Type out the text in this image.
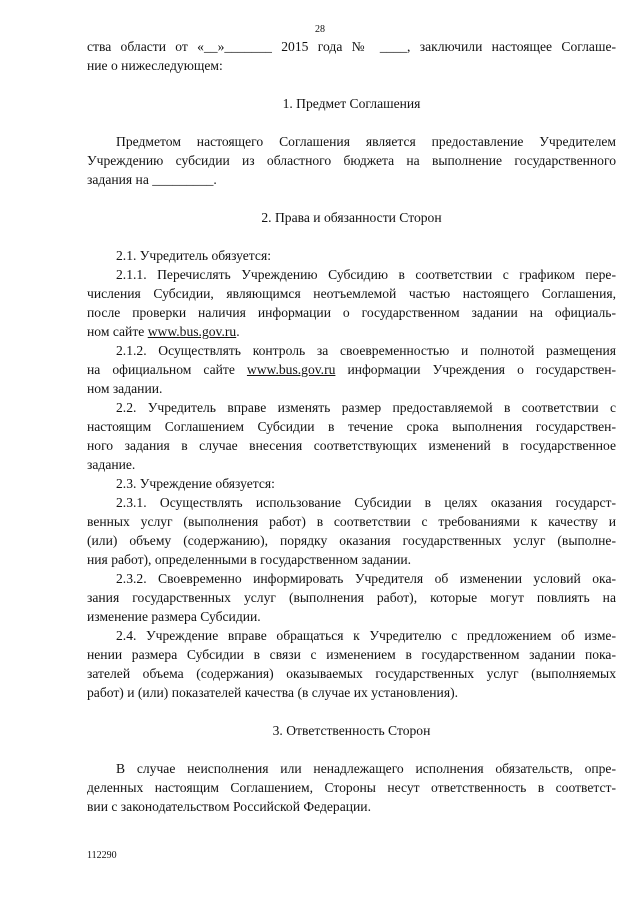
28
ства области от «__»_______ 2015 года № ____, заключили настоящее Соглаше-
ние о нижеследующем:
1. Предмет Соглашения
Предметом настоящего Соглашения является предоставление Учредителем
Учреждению субсидии из областного бюджета на выполнение государственного
задания на _________.
2. Права и обязанности Сторон
2.1. Учредитель обязуется:
2.1.1. Перечислять Учреждению Субсидию в соответствии с графиком пере-
числения Субсидии, являющимся неотъемлемой частью настоящего Соглашения,
после проверки наличия информации о государственном задании на официаль-
ном сайте www.bus.gov.ru.
2.1.2. Осуществлять контроль за своевременностью и полнотой размещения
на официальном сайте www.bus.gov.ru информации Учреждения о государствен-
ном задании.
2.2. Учредитель вправе изменять размер предоставляемой в соответствии с
настоящим Соглашением Субсидии в течение срока выполнения государствен-
ного задания в случае внесения соответствующих изменений в государственное
задание.
2.3. Учреждение обязуется:
2.3.1. Осуществлять использование Субсидии в целях оказания государст-
венных услуг (выполнения работ) в соответствии с требованиями к качеству и
(или) объему (содержанию), порядку оказания государственных услуг (выполне-
ния работ), определенными в государственном задании.
2.3.2. Своевременно информировать Учредителя об изменении условий ока-
зания государственных услуг (выполнения работ), которые могут повлиять на
изменение размера Субсидии.
2.4. Учреждение вправе обращаться к Учредителю с предложением об изме-
нении размера Субсидии в связи с изменением в государственном задании пока-
зателей объема (содержания) оказываемых государственных услуг (выполняемых
работ) и (или) показателей качества (в случае их установления).
3. Ответственность Сторон
В случае неисполнения или ненадлежащего исполнения обязательств, опре-
деленных настоящим Соглашением, Стороны несут ответственность в соответст-
вии с законодательством Российской Федерации.
112290
